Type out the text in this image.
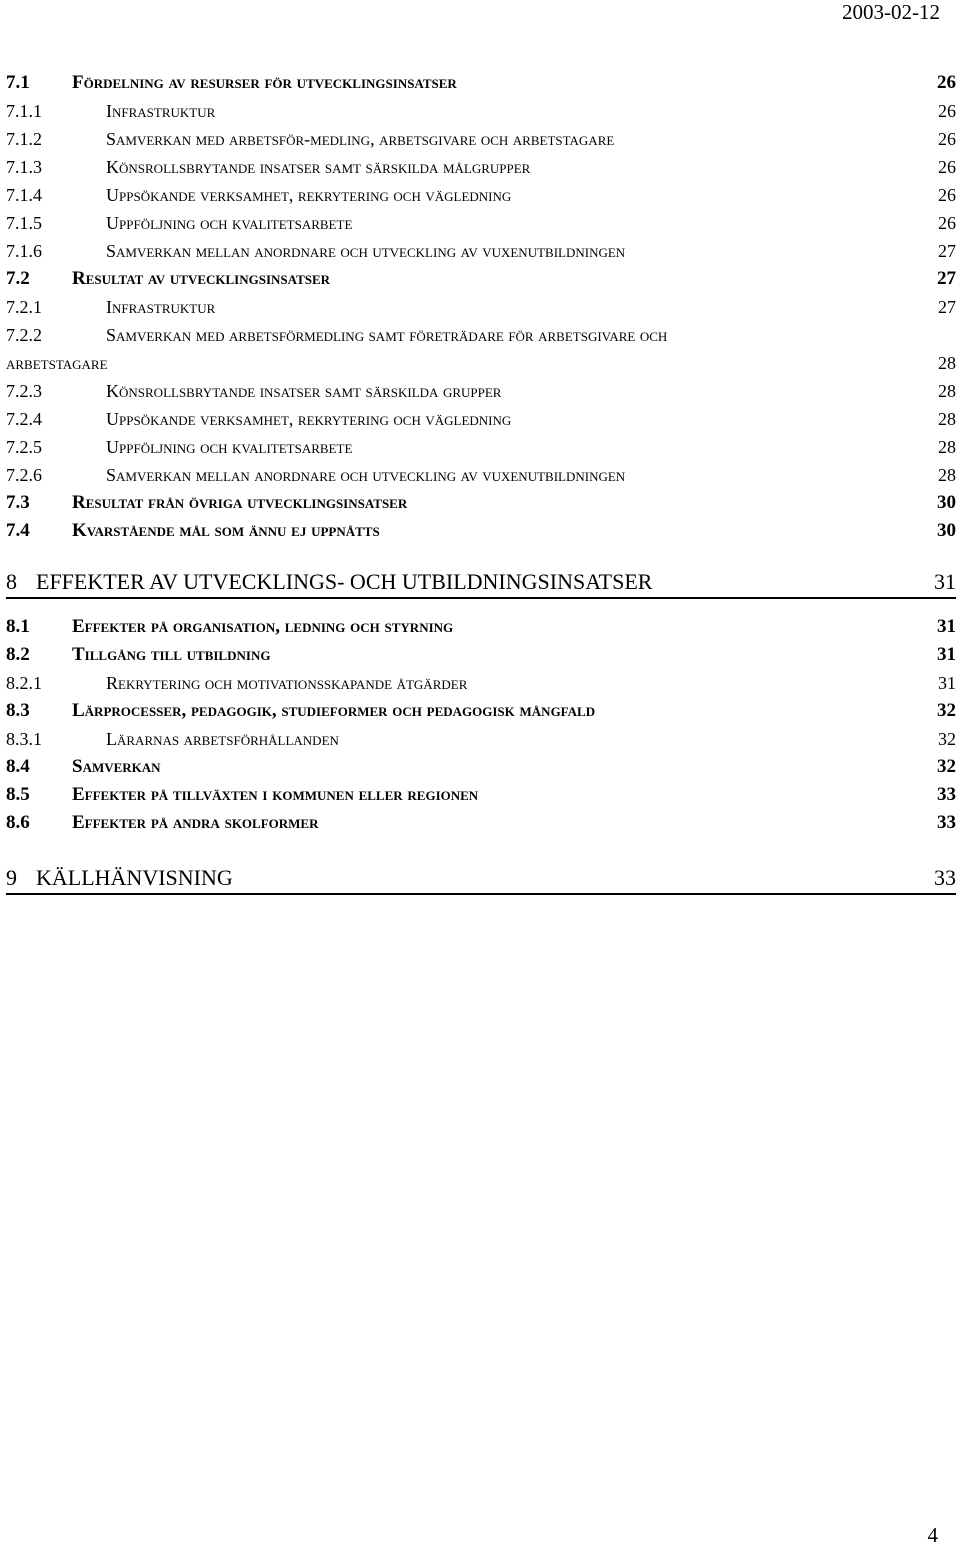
2003-02-12
7.1 Fördelning av resurser för utvecklingsinsatser	26
7.1.1	Infrastruktur	26
7.1.2	Samverkan med arbetsför-medling, arbetsgivare och arbetstagare	26
7.1.3	Könsrollsbrytande insatser samt särskilda målgrupper	26
7.1.4	Uppsökande verksamhet, rekrytering och vägledning	26
7.1.5	Uppföljning och kvalitetsarbete	26
7.1.6	Samverkan mellan anordnare och utveckling av vuxenutbildningen	27
7.2 Resultat av utvecklingsinsatser	27
7.2.1	Infrastruktur	27
7.2.2	Samverkan med arbetsförmedling samt företrädare för arbetsgivare och
arbetstagare	28
7.2.3	Könsrollsbrytande insatser samt särskilda grupper	28
7.2.4	Uppsökande verksamhet, rekrytering och vägledning	28
7.2.5	Uppföljning och kvalitetsarbete	28
7.2.6	Samverkan mellan anordnare och utveckling av vuxenutbildningen	28
7.3 Resultat från övriga utvecklingsinsatser	30
7.4 Kvarstående mål som ännu ej uppnåtts	30
8 EFFEKTER AV UTVECKLINGS- OCH UTBILDNINGSINSATSER	31
8.1 Effekter på organisation, ledning och styrning	31
8.2 Tillgång till utbildning	31
8.2.1	Rekrytering och motivationsskapande åtgärder	31
8.3 Lärprocesser, pedagogik, studieformer och pedagogisk mångfald	32
8.3.1	Lärarnas arbetsförhållanden	32
8.4 Samverkan	32
8.5 Effekter på tillväxten i kommunen eller regionen	33
8.6 Effekter på andra skolformer	33
9 KÄLLHÄNVISNING	33
4
